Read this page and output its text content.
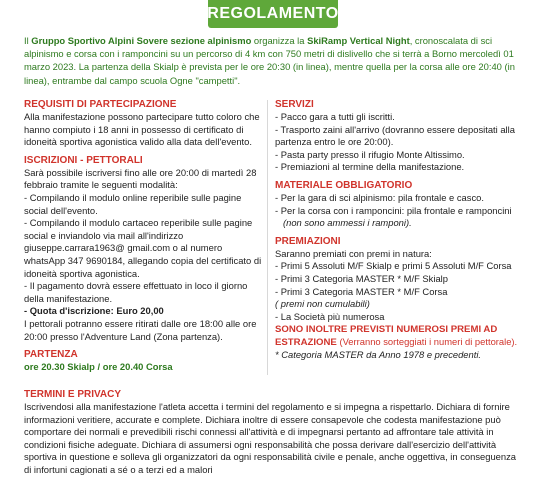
REGOLAMENTO
Il Gruppo Sportivo Alpini Sovere sezione alpinismo organizza la SkiRamp Vertical Night, cronoscalata di sci alpinismo e corsa con i ramponcini su un percorso di 4 km con 750 metri di dislivello che si terrà a Borno mercoledì 01 marzo 2023. La partenza della Skialp è prevista per le ore 20:30 (in linea), mentre quella per la corsa alle ore 20:40 (in linea), entrambe dal campo scuola Ogne "campetti".

REQUISITI DI PARTECIPAZIONE

Alla manifestazione possono partecipare tutto coloro che hanno compiuto i 18 anni in possesso di certificato di idoneità sportiva agonistica valido alla data dell'evento.

ISCRIZIONI - PETTORALI

Sarà possibile iscriversi fino alle ore 20:00 di martedì 28 febbraio tramite le seguenti modalità:
- Compilando il modulo online reperibile sulle pagine social dell'evento.
- Compilando il modulo cartaceo reperibile sulle pagine social e inviandolo via mail all'indirizzo giuseppe.carrara1963@ gmail.com o al numero whatsApp 347 9690184, allegando copia del certificato di idoneità sportiva agonistica.
- Il pagamento dovrà essere effettuato in loco il giorno della manifestazione.
- Quota d'iscrizione: Euro 20,00
I pettorali potranno essere ritirati dalle ore 18:00 alle ore 20:00 presso l'Adventure Land (Zona partenza).

PARTENZA

ore 20.30 Skialp / ore 20.40 Corsa

SERVIZI

- Pacco gara a tutti gli iscritti.
- Trasporto zaini all'arrivo (dovranno essere depositati alla partenza entro le ore 20:00).
- Pasta party presso il rifugio Monte Altissimo.
- Premiazioni al termine della manifestazione.

MATERIALE OBBLIGATORIO

- Per la gara di sci alpinismo: pila frontale e casco.
- Per la corsa con i ramponcini: pila frontale e ramponcini
(non sono ammessi i ramponi).

PREMIAZIONI

Saranno premiati con premi in natura:
- Primi 5 Assoluti M/F Skialp e primi 5 Assoluti M/F Corsa
- Primi 3 Categoria MASTER * M/F Skialp
- Primi 3 Categoria MASTER * M/F Corsa
( premi non cumulabili)
- La Società più numerosa
SONO INOLTRE PREVISTI NUMEROSI PREMI AD ESTRAZIONE (Verranno sorteggiati i numeri di pettorale).
* Categoria MASTER da Anno 1978 e precedenti.

TERMINI E PRIVACY

Iscrivendosi alla manifestazione l'atleta accetta i termini del regolamento e si impegna a rispettarlo. Dichiara di fornire informazioni veritiere, accurate e complete. Dichiara inoltre di essere consapevole che codesta manifestazione può comportare dei normali e prevedibili rischi connessi all'attività e di impegnarsi pertanto ad affrontare tale attività in condizioni fisiche adeguate. Dichiara di assumersi ogni responsabilità che possa derivare dall'esercizio dell'attività sportiva in questione e solleva gli organizzatori da ogni responsabilità civile e penale, anche oggettiva, in conseguenza di infortuni cagionati a sé o a terzi ed a malori
